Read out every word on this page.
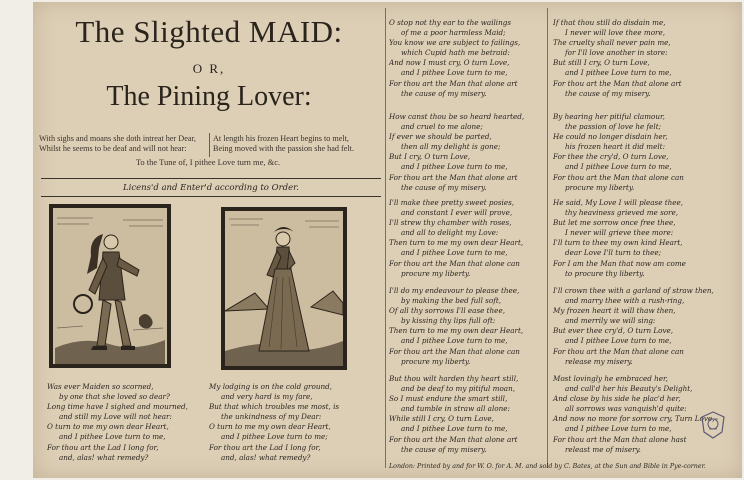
The Slighted MAID:
O R,
The Pining Lover:
With sighs and moans she doth intreat her Dear,
Whilst he seems to be deaf and will not hear:
At length his frozen Heart begins to melt,
Being moved with the passion she had felt.
To the Tune of, I pithee Love turn me, &c.
Licens'd and Enter'd according to Order.
Was ever Maiden so scorned,
by one that she loved so dear?
Long time have I sighed and mourned,
and still my Love will not hear:
O turn to me my own dear Heart,
and I pithee Love turn to me,
For thou art the Lad I long for,
and, alas! what remedy?
My lodging is on the cold ground,
and very hard is my fare,
But that which troubles me most, is
the unkindness of my Dear:
O turn to me my own dear Heart,
and I pithee Love turn to me;
For thou art the Lad I long for,
and, alas! what remedy?
O stop not thy ear to the wailings
of me a poor harmless Maid;
You know we are subject to failings,
which Cupid hath me betraid:
And now I must cry, O turn Love,
and I pithee Love turn to me,
For thou art the Man that alone art
the cause of my misery.
How canst thou be so heard hearted,
and cruel to me alone;
If ever we should be parted,
then all my delight is gone;
But I cry, O turn Love,
and I pithee Love turn to me,
For thou art the Man that alone art
the cause of my misery.
I'll make thee pretty sweet posies,
and constant I ever will prove,
I'll strew thy chamber with roses,
and all to delight my Love:
Then turn to me my own dear Heart,
and I pithee Love turn to me,
For thou art the Man that alone can
procure my liberty.
I'll do my endeavour to please thee,
by making the bed full soft,
Of all thy sorrows I'll ease thee,
by kissing thy lips full oft:
Then turn to me my own dear Heart,
and I pithee Love turn to me,
For thou art the Man that alone can
procure my liberty.
But thou wilt harden thy heart still,
and be deaf to my pitiful moan,
So I must endure the smart still,
and tumble in straw all alone:
While still I cry, O turn Love,
and I pithee Love turn to me,
For thou art the Man that alone art
the cause of my misery.
If that thou still do disdain me,
I never will love thee more,
The cruelty shall never pain me,
for I'll love another in store:
But still I cry, O turn Love,
and I pithee Love turn to me,
For thou art the Man that alone art
the cause of my misery.
By hearing her pitiful clamour,
the passion of love he felt;
He could no longer disdain her,
his frozen heart it did melt:
For thee the cry'd, O turn Love,
and I pithee Love turn to me,
For thou art the Man that alone can
procure my liberty.
He said, My Love I will please thee,
thy heaviness grieved me sore,
But let me sorrow once free thee,
I never will grieve thee more:
I'll turn to thee my own kind Heart,
dear Love I'll turn to thee;
For I am the Man that now am come
to procure thy liberty.
I'll crown thee with a garland of straw then,
and marry thee with a rush-ring,
My frozen heart it will thaw then,
and merrily we will sing:
But ever thee cry'd, O turn Love,
and I pithee Love turn to me,
For thou art the Man that alone can
release my misery.
Most lovingly he embraced her,
and call'd her his Beauty's Delight,
And close by his side he plac'd her,
all sorrows was vanquish'd quite:
And now no more for sorrow cry, Turn Love,
and I pithee Love turn to me,
For thou art the Man that alone hast
releast me of misery.
London: Printed by and for W. O. for A. M. and sold by C. Bates, at the Sun and Bible in Pye-corner.
